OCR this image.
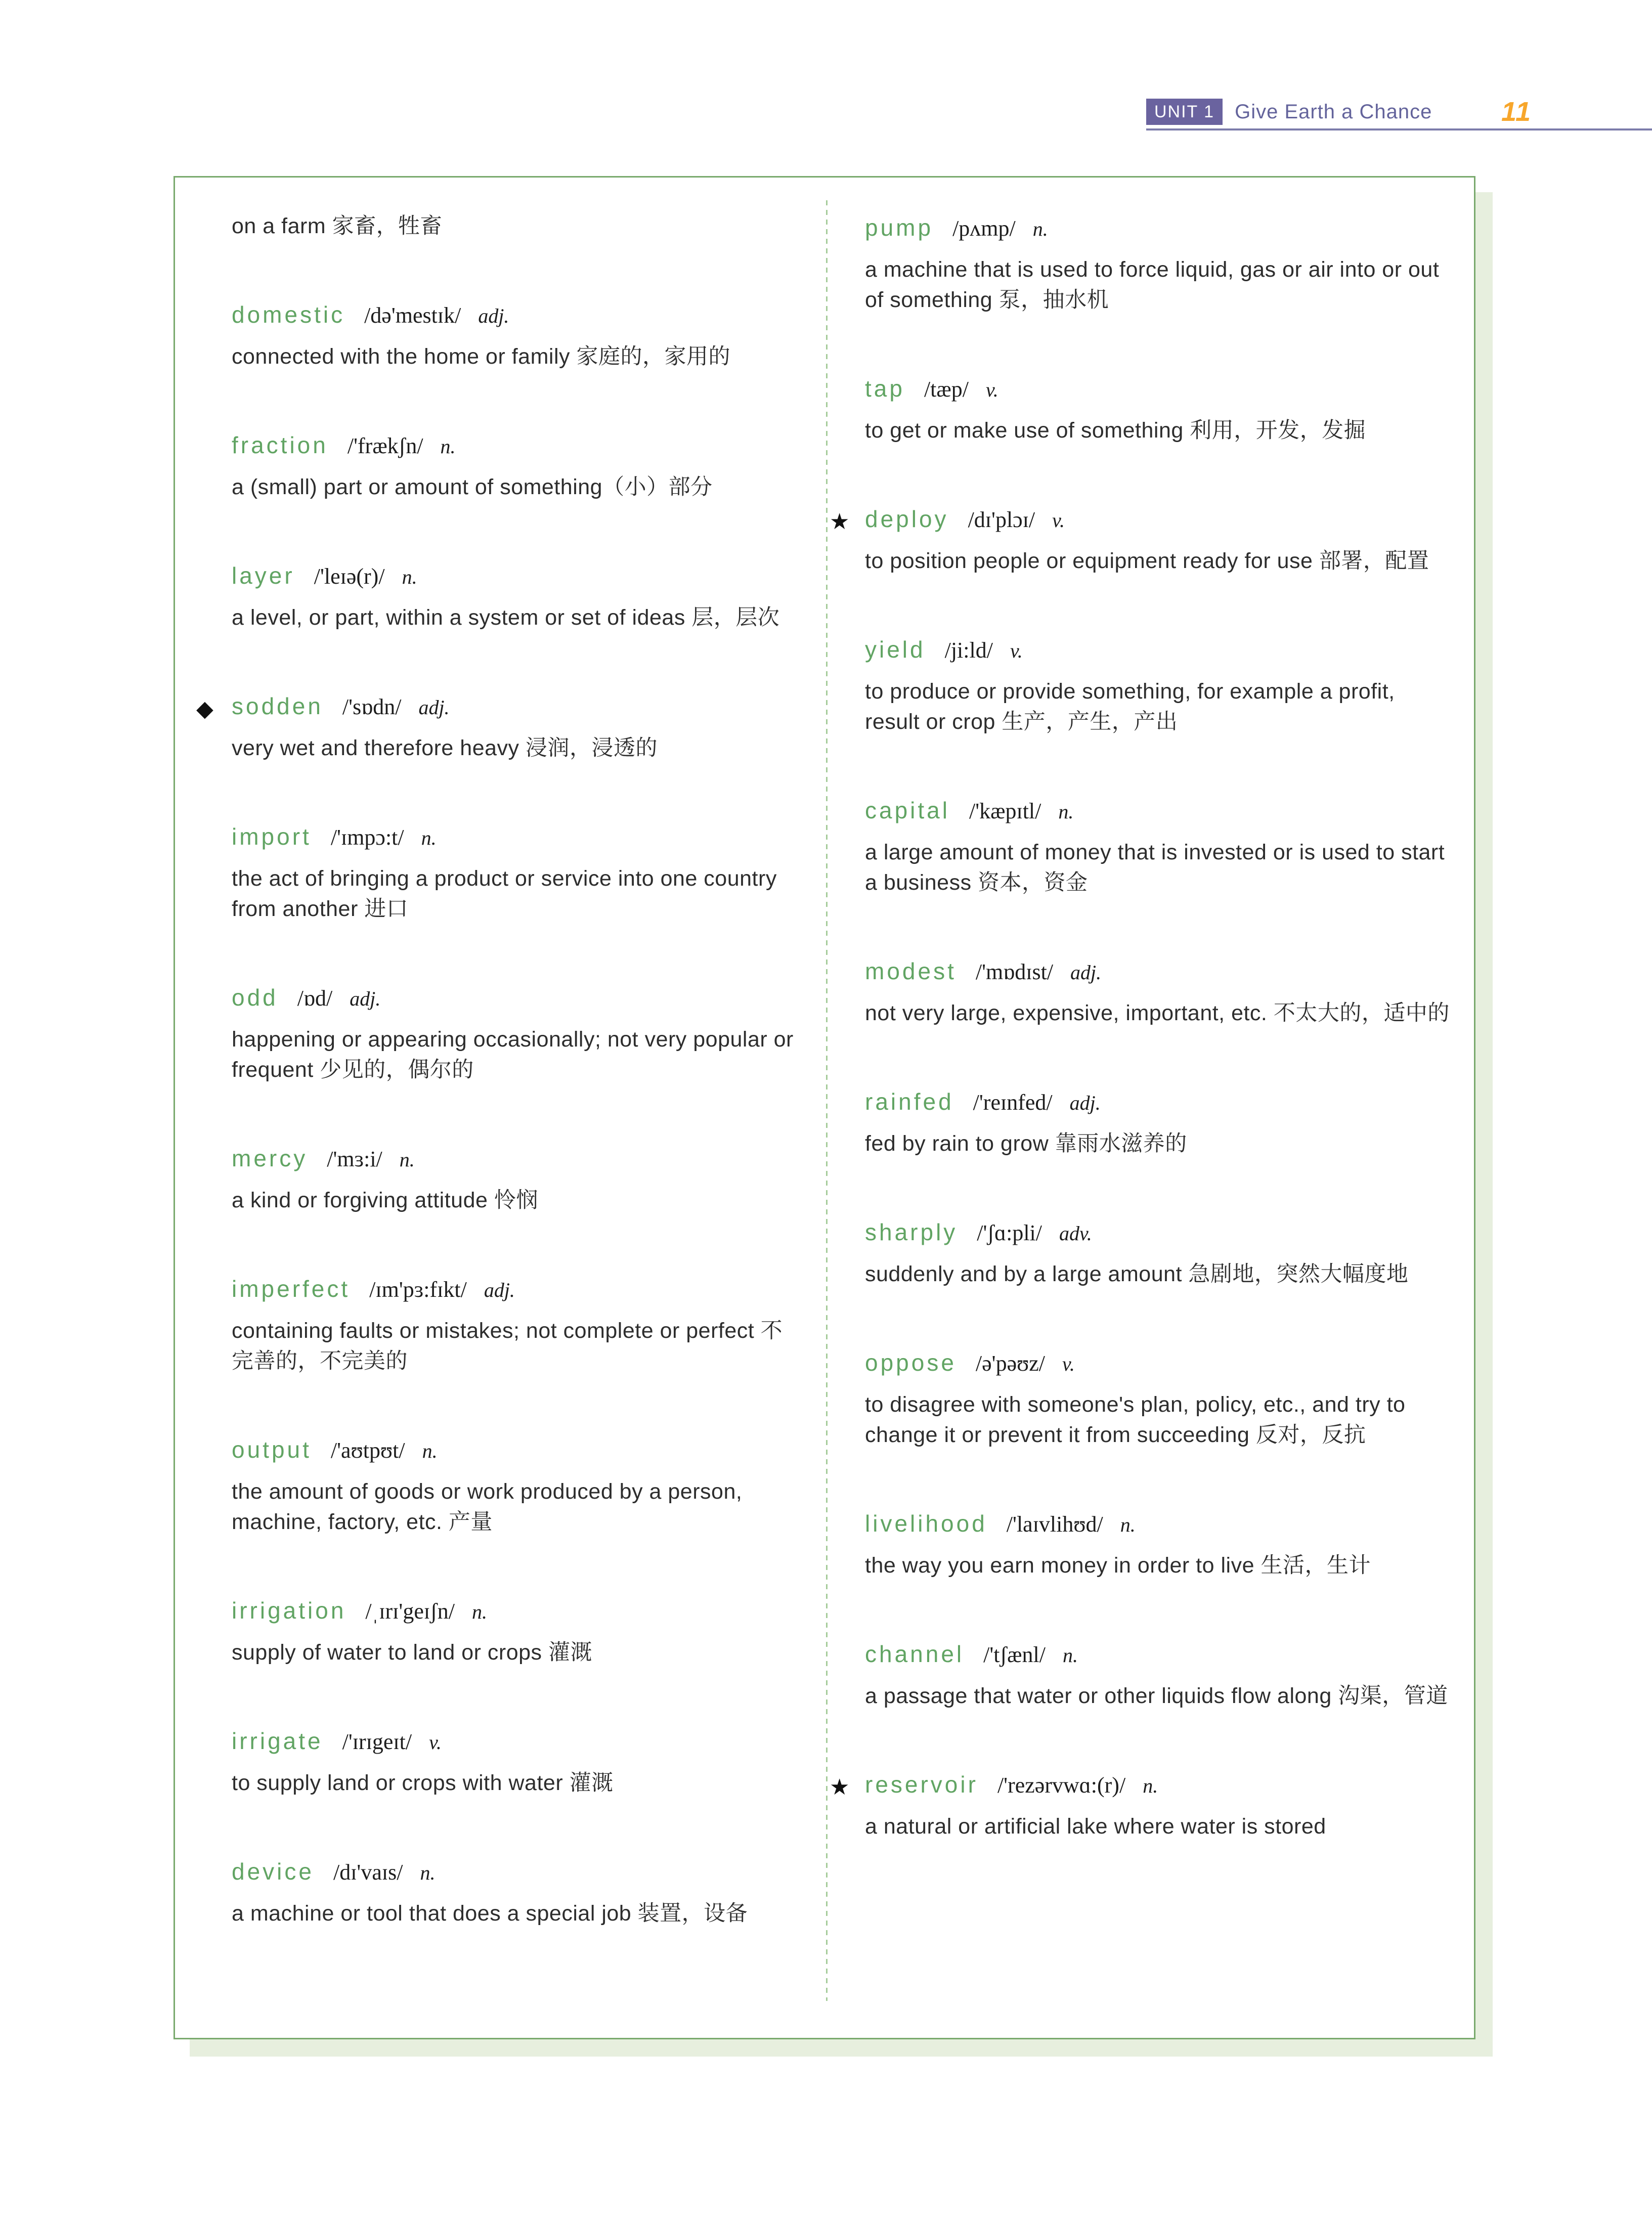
UNIT 1	Give Earth a Chance	11
on a farm 家畜，牲畜
domestic /də'mestɪk/ adj.
connected with the home or family 家庭的，家用的
fraction /'frækʃn/ n.
a (small) part or amount of something（小）部分
layer /'leɪə(r)/ n.
a level, or part, within a system or set of ideas 层，层次
◆ sodden /'sɒdn/ adj.
very wet and therefore heavy 浸润，浸透的
import /'ɪmpɔ:t/ n.
the act of bringing a product or service into one country from another 进口
odd /ɒd/ adj.
happening or appearing occasionally; not very popular or frequent 少见的，偶尔的
mercy /'mɜ:i/ n.
a kind or forgiving attitude 怜悯
imperfect /ɪm'pɜ:fɪkt/ adj.
containing faults or mistakes; not complete or perfect 不完善的，不完美的
output /'aʊtpʊt/ n.
the amount of goods or work produced by a person, machine, factory, etc. 产量
irrigation /ˌɪrɪ'geɪʃn/ n.
supply of water to land or crops 灌溉
irrigate /'ɪrɪgeɪt/ v.
to supply land or crops with water 灌溉
device /dɪ'vaɪs/ n.
a machine or tool that does a special job 装置，设备
pump /pʌmp/ n.
a machine that is used to force liquid, gas or air into or out of something 泵，抽水机
tap /tæp/ v.
to get or make use of something 利用，开发，发掘
★ deploy /dɪ'plɔɪ/ v.
to position people or equipment ready for use 部署，配置
yield /ji:ld/ v.
to produce or provide something, for example a profit, result or crop 生产，产生，产出
capital /'kæpɪtl/ n.
a large amount of money that is invested or is used to start a business 资本，资金
modest /'mɒdɪst/ adj.
not very large, expensive, important, etc. 不太大的，适中的
rainfed /'reɪnfed/ adj.
fed by rain to grow 靠雨水滋养的
sharply /'ʃɑ:pli/ adv.
suddenly and by a large amount 急剧地，突然大幅度地
oppose /ə'pəʊz/ v.
to disagree with someone's plan, policy, etc., and try to change it or prevent it from succeeding 反对，反抗
livelihood /'laɪvlihʊd/ n.
the way you earn money in order to live 生活，生计
channel /'tʃænl/ n.
a passage that water or other liquids flow along 沟渠，管道
★ reservoir /'rezərvwɑ:(r)/ n.
a natural or artificial lake where water is stored
